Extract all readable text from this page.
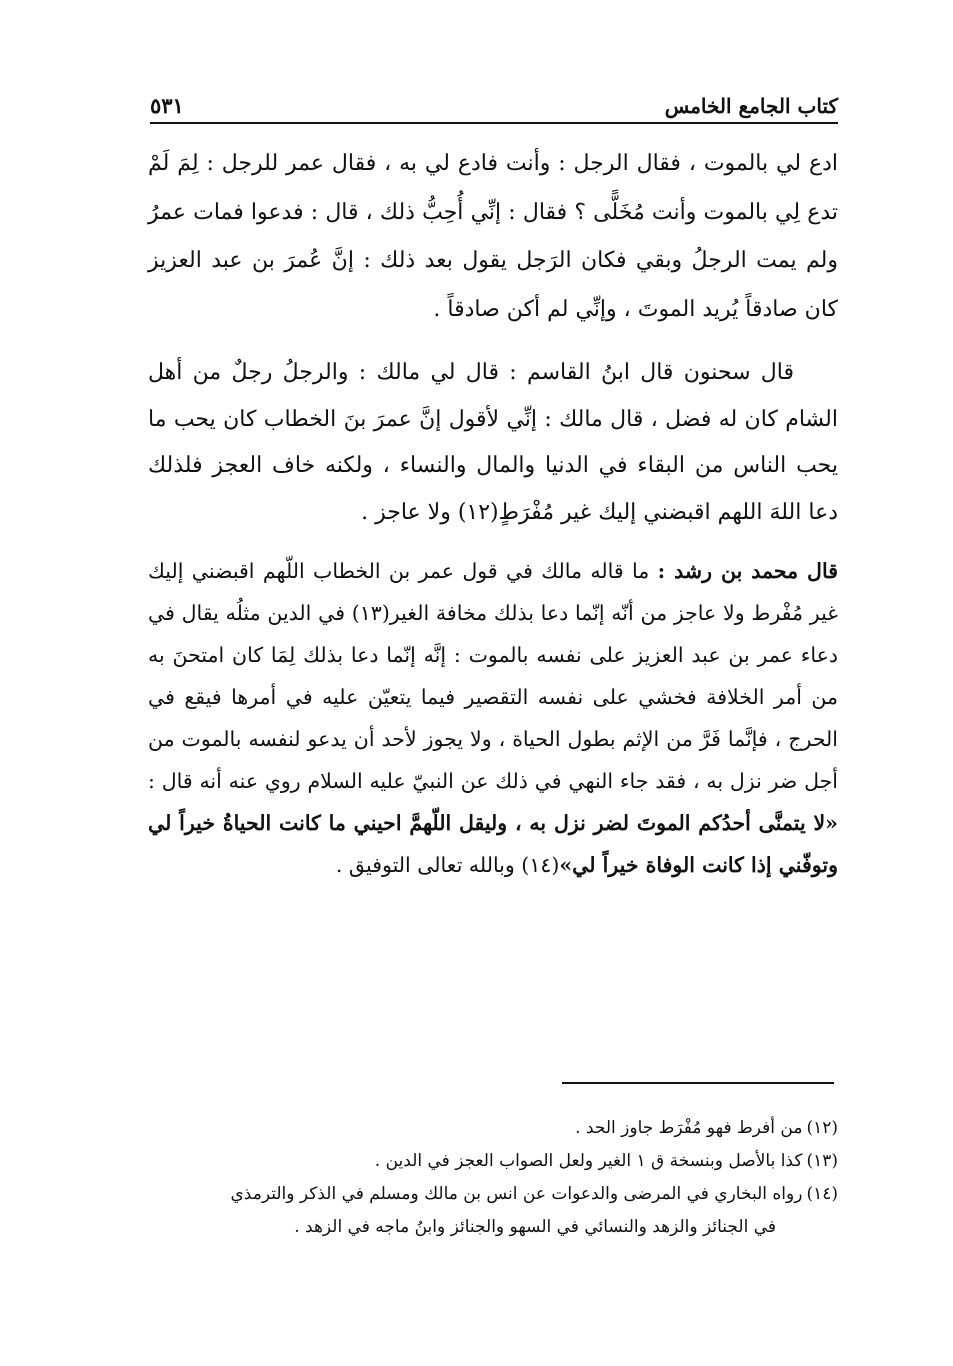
كتاب الجامع الخامس
٥٣١

ادع لي بالموت ، فقال الرجل : وأنت فادع لي به ، فقال عمر للرجل : لِمَ لَمْ تدع لِي بالموت وأنت مُخَلًّى ؟ فقال : إنِّي أُحِبُّ ذلك ، قال : فدعوا فمات عمرُ ولم يمت الرجلُ وبقي فكان الرَجل يقول بعد ذلك : إنَّ عُمرَ بن عبد العزيز كان صادقاً يُريد الموتَ ، وإنِّي لم أكن صادقاً .

قال سحنون قال ابنُ القاسم : قال لي مالك : والرجلُ رجلٌ من أهل الشام كان له فضل ، قال مالك : إنِّي لأقول إنَّ عمرَ بنَ الخطاب كان يحب ما يحب الناس من البقاء في الدنيا والمال والنساء ، ولكنه خاف العجز فلذلك دعا اللهَ اللهم اقبضني إليك غير مُفْرَطٍ(١٢) ولا عاجز .

قال محمد بن رشد : ما قاله مالك في قول عمر بن الخطاب اللّهم اقبضني إليك غير مُفْرط ولا عاجز من أنّه إنّما دعا بذلك مخافة الغير(١٣) في الدين مثلُه يقال في دعاء عمر بن عبد العزيز على نفسه بالموت : إنَّه إنّما دعا بذلك لِمَا كان امتحنَ به من أمر الخلافة فخشي على نفسه التقصير فيما يتعيّن عليه في أمرها فيقع في الحرج ، فإنَّما فَرَّ من الإثم بطول الحياة ، ولا يجوز لأحد أن يدعو لنفسه بالموت من أجل ضر نزل به ، فقد جاء النهي في ذلك عن النبيّ عليه السلام روي عنه أنه قال : «لا يتمنَّى أحدُكم الموتَ لضر نزل به ، وليقل اللّهمَّ احيني ما كانت الحياةُ خيراً لي وتوفّني إذا كانت الوفاة خيراً لي»(١٤) وبالله تعالى التوفيق .

(١٢)من أفرط فهو مُفْرَط جاوز الحد .

(١٣)كذا بالأصل وبنسخة ق ١ الغير ولعل الصواب العجز في الدين .

(١٤)رواه البخاري في المرضى والدعوات عن انس بن مالك ومسلم في الذكر والترمذي

في الجنائز والزهد والنسائي في السهو والجنائز وابنُ ماجه في الزهد .
